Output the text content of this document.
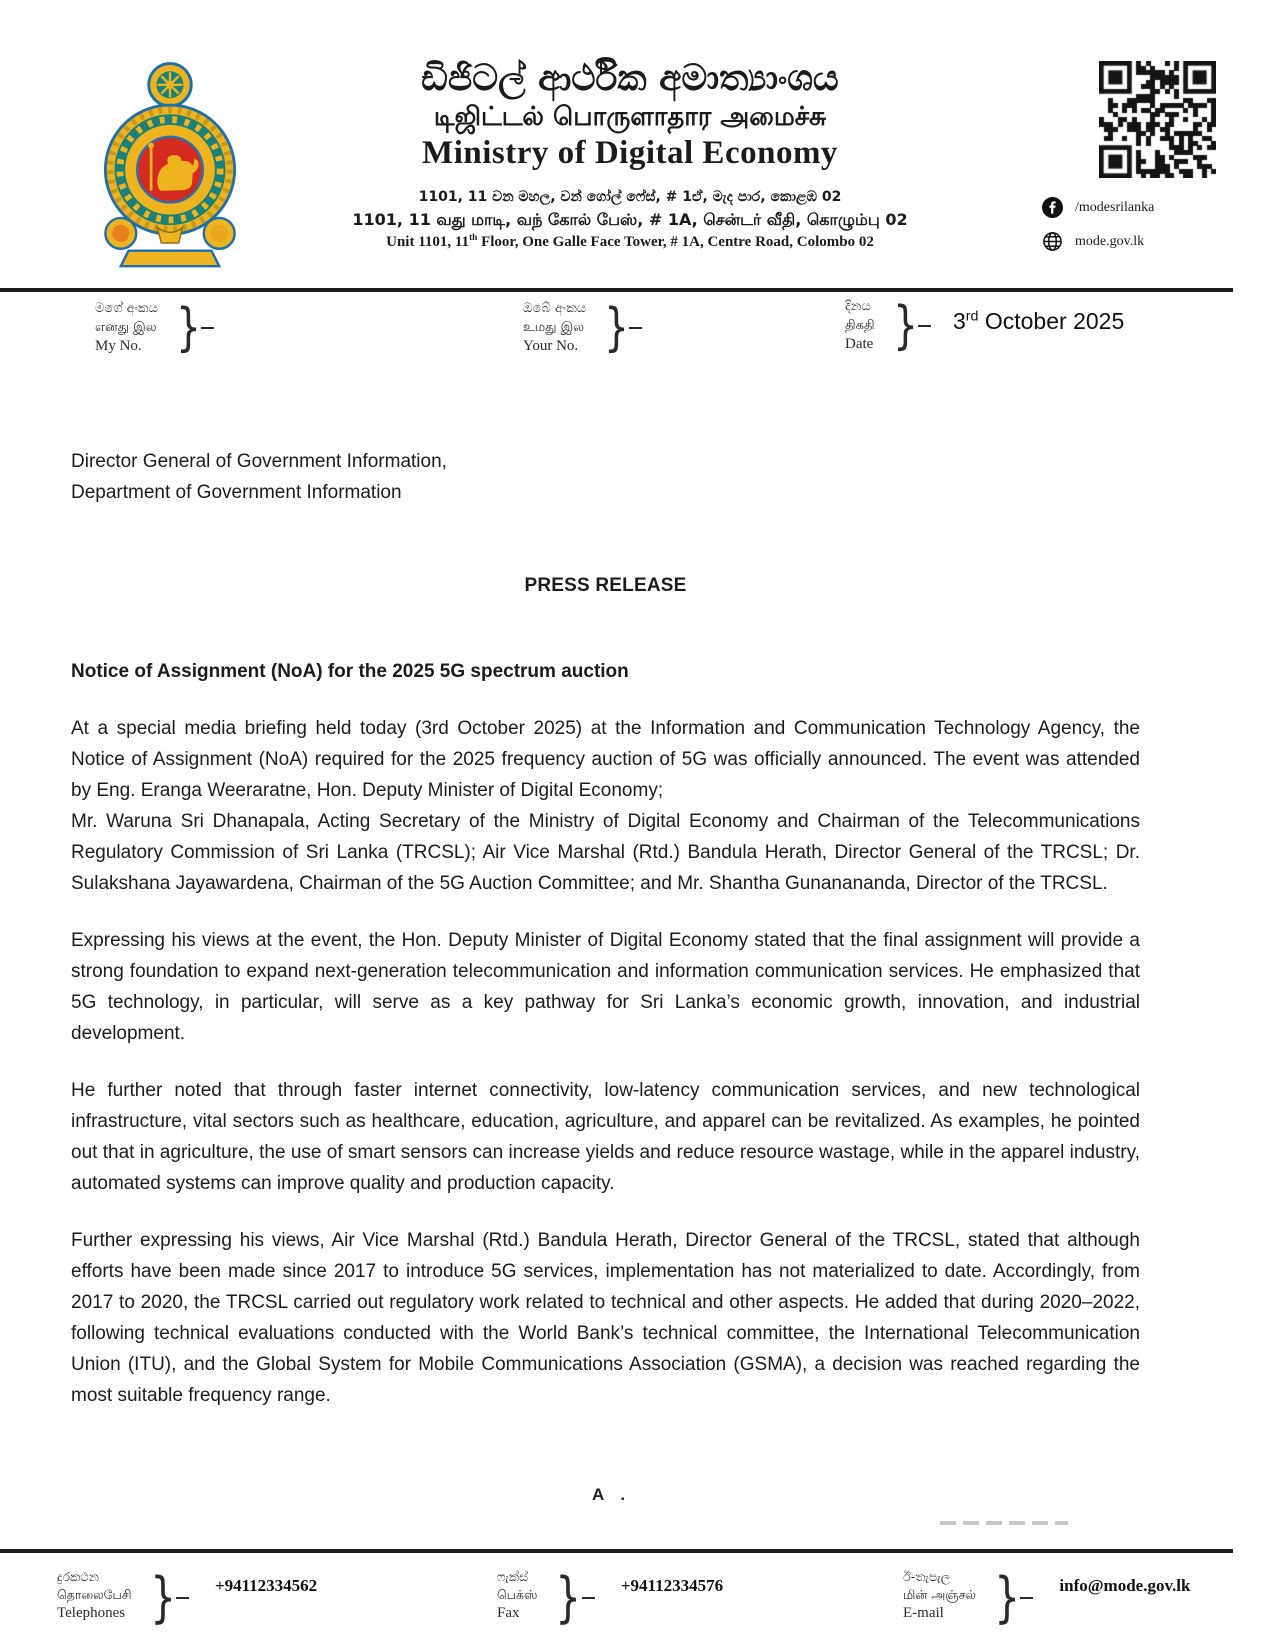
ඩිජිටල් ආර්ථික අමාත්‍යාංශය
டிஜிட்டல் பொருளாதார அமைச்சு
Ministry of Digital Economy
1101, 11 වන මහල, වන් ගෝල් ෆේස්, # 1ඒ, මැද පාර, කොළඹ 02
1101, 11 வது மாடி, வந் கோல் பேஸ், # 1A, சென்டர் வீதி, கொழும்பு 02
Unit 1101, 11th Floor, One Galle Face Tower, # 1A, Centre Road, Colombo 02
/modesrilanka
mode.gov.lk
මගේ අංකය
எனது இல
My No. }	ඔබේ අංකය
உமது இல
Your No. }	දිනය
திகதி
Date } 3rd October 2025
Director General of Government Information,
Department of Government Information
PRESS RELEASE
Notice of Assignment (NoA) for the 2025 5G spectrum auction

At a special media briefing held today (3rd October 2025) at the Information and Communication Technology Agency, the Notice of Assignment (NoA) required for the 2025 frequency auction of 5G was officially announced. The event was attended by Eng. Eranga Weeraratne, Hon. Deputy Minister of Digital Economy;
Mr. Waruna Sri Dhanapala, Acting Secretary of the Ministry of Digital Economy and Chairman of the Telecommunications Regulatory Commission of Sri Lanka (TRCSL); Air Vice Marshal (Rtd.) Bandula Herath, Director General of the TRCSL; Dr. Sulakshana Jayawardena, Chairman of the 5G Auction Committee; and Mr. Shantha Gunanananda, Director of the TRCSL.

Expressing his views at the event, the Hon. Deputy Minister of Digital Economy stated that the final assignment will provide a strong foundation to expand next-generation telecommunication and information communication services. He emphasized that 5G technology, in particular, will serve as a key pathway for Sri Lanka’s economic growth, innovation, and industrial development.

He further noted that through faster internet connectivity, low-latency communication services, and new technological infrastructure, vital sectors such as healthcare, education, agriculture, and apparel can be revitalized. As examples, he pointed out that in agriculture, the use of smart sensors can increase yields and reduce resource wastage, while in the apparel industry, automated systems can improve quality and production capacity.

Further expressing his views, Air Vice Marshal (Rtd.) Bandula Herath, Director General of the TRCSL, stated that although efforts have been made since 2017 to introduce 5G services, implementation has not materialized to date. Accordingly, from 2017 to 2020, the TRCSL carried out regulatory work related to technical and other aspects. He added that during 2020–2022, following technical evaluations conducted with the World Bank’s technical committee, the International Telecommunication Union (ITU), and the Global System for Mobile Communications Association (GSMA), a decision was reached regarding the most suitable frequency range.

A .
දුරකථන
தொலைபேசி
Telephones } +94112334562	ෆැක්ස්
பெக்ஸ்
Fax } +94112334576	ඊ-තැපැල
மின் அஞ்சல்
E-mail } info@mode.gov.lk
